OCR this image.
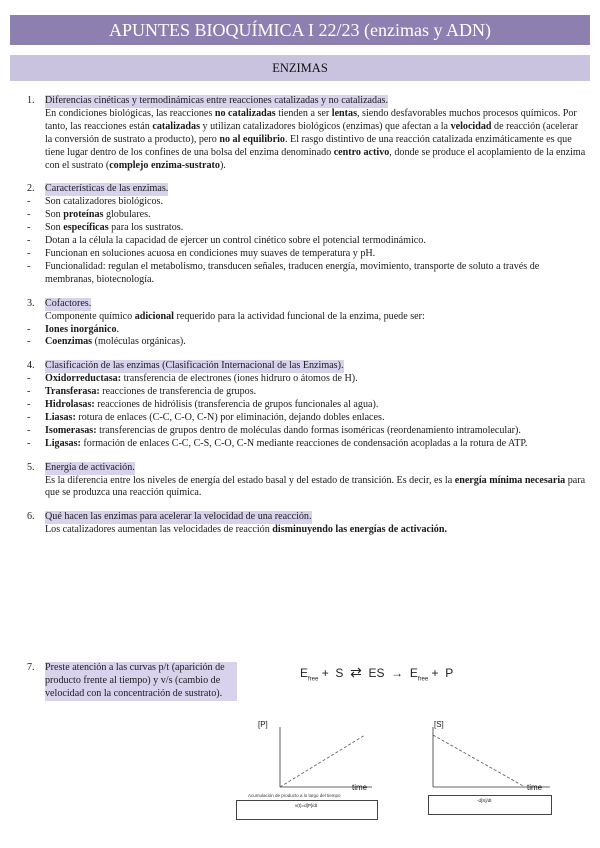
APUNTES BIOQUÍMICA I 22/23 (enzimas y ADN)
ENZIMAS
1.	Diferencias cinéticas y termodinámicas entre reacciones catalizadas y no catalizadas.
En condiciones biológicas, las reacciones no catalizadas tienden a ser lentas, siendo desfavorables muchos procesos químicos. Por tanto, las reacciones están catalizadas y utilizan catalizadores biológicos (enzimas) que afectan a la velocidad de reacción (acelerar la conversión de sustrato a producto), pero no al equilibrio. El rasgo distintivo de una reacción catalizada enzimáticamente es que tiene lugar dentro de los confines de una bolsa del enzima denominado centro activo, donde se produce el acoplamiento de la enzima con el sustrato (complejo enzima-sustrato).
2.	Características de las enzimas.
-	Son catalizadores biológicos.
-	Son proteínas globulares.
-	Son específicas para los sustratos.
-	Dotan a la célula la capacidad de ejercer un control cinético sobre el potencial termodinámico.
-	Funcionan en soluciones acuosa en condiciones muy suaves de temperatura y pH.
-	Funcionalidad: regulan el metabolismo, transducen señales, traducen energía, movimiento, transporte de soluto a través de membranas, biotecnología.
3.	Cofactores.
Componente químico adicional requerido para la actividad funcional de la enzima, puede ser:
-	Iones inorgánico.
-	Coenzimas (moléculas orgánicas).
4.	Clasificación de las enzimas (Clasificación Internacional de las Enzimas).
-	Oxidorreductasa: transferencia de electrones (iones hidruro o átomos de H).
-	Transferasa: reacciones de transferencia de grupos.
-	Hidrolasas: reacciones de hidrólisis (transferencia de grupos funcionales al agua).
-	Liasas: rotura de enlaces (C-C, C-O, C-N) por eliminación, dejando dobles enlaces.
-	Isomerasas: transferencias de grupos dentro de moléculas dando formas isoméricas (reordenamiento intramolecular).
-	Ligasas: formación de enlaces C-C, C-S, C-O, C-N mediante reacciones de condensación acopladas a la rotura de ATP.
5.	Energía de activación.
Es la diferencia entre los niveles de energía del estado basal y del estado de transición. Es decir, es la energía mínima necesaria para que se produzca una reacción química.
6.	Qué hacen las enzimas para acelerar la velocidad de una reacción.
Los catalizadores aumentan las velocidades de reacción disminuyendo las energías de activación.
7.	Preste atención a las curvas p/t (aparición de producto frente al tiempo) y v/s (cambio de velocidad con la concentración de sustrato).
$E_{free} + S$ ⇄ ES → $E_{free} + P$
[P]
time
Acumulación de producto a lo largo del tiempo
v(t)=d[P]/dt
[S]
time
-d[S]/dt
